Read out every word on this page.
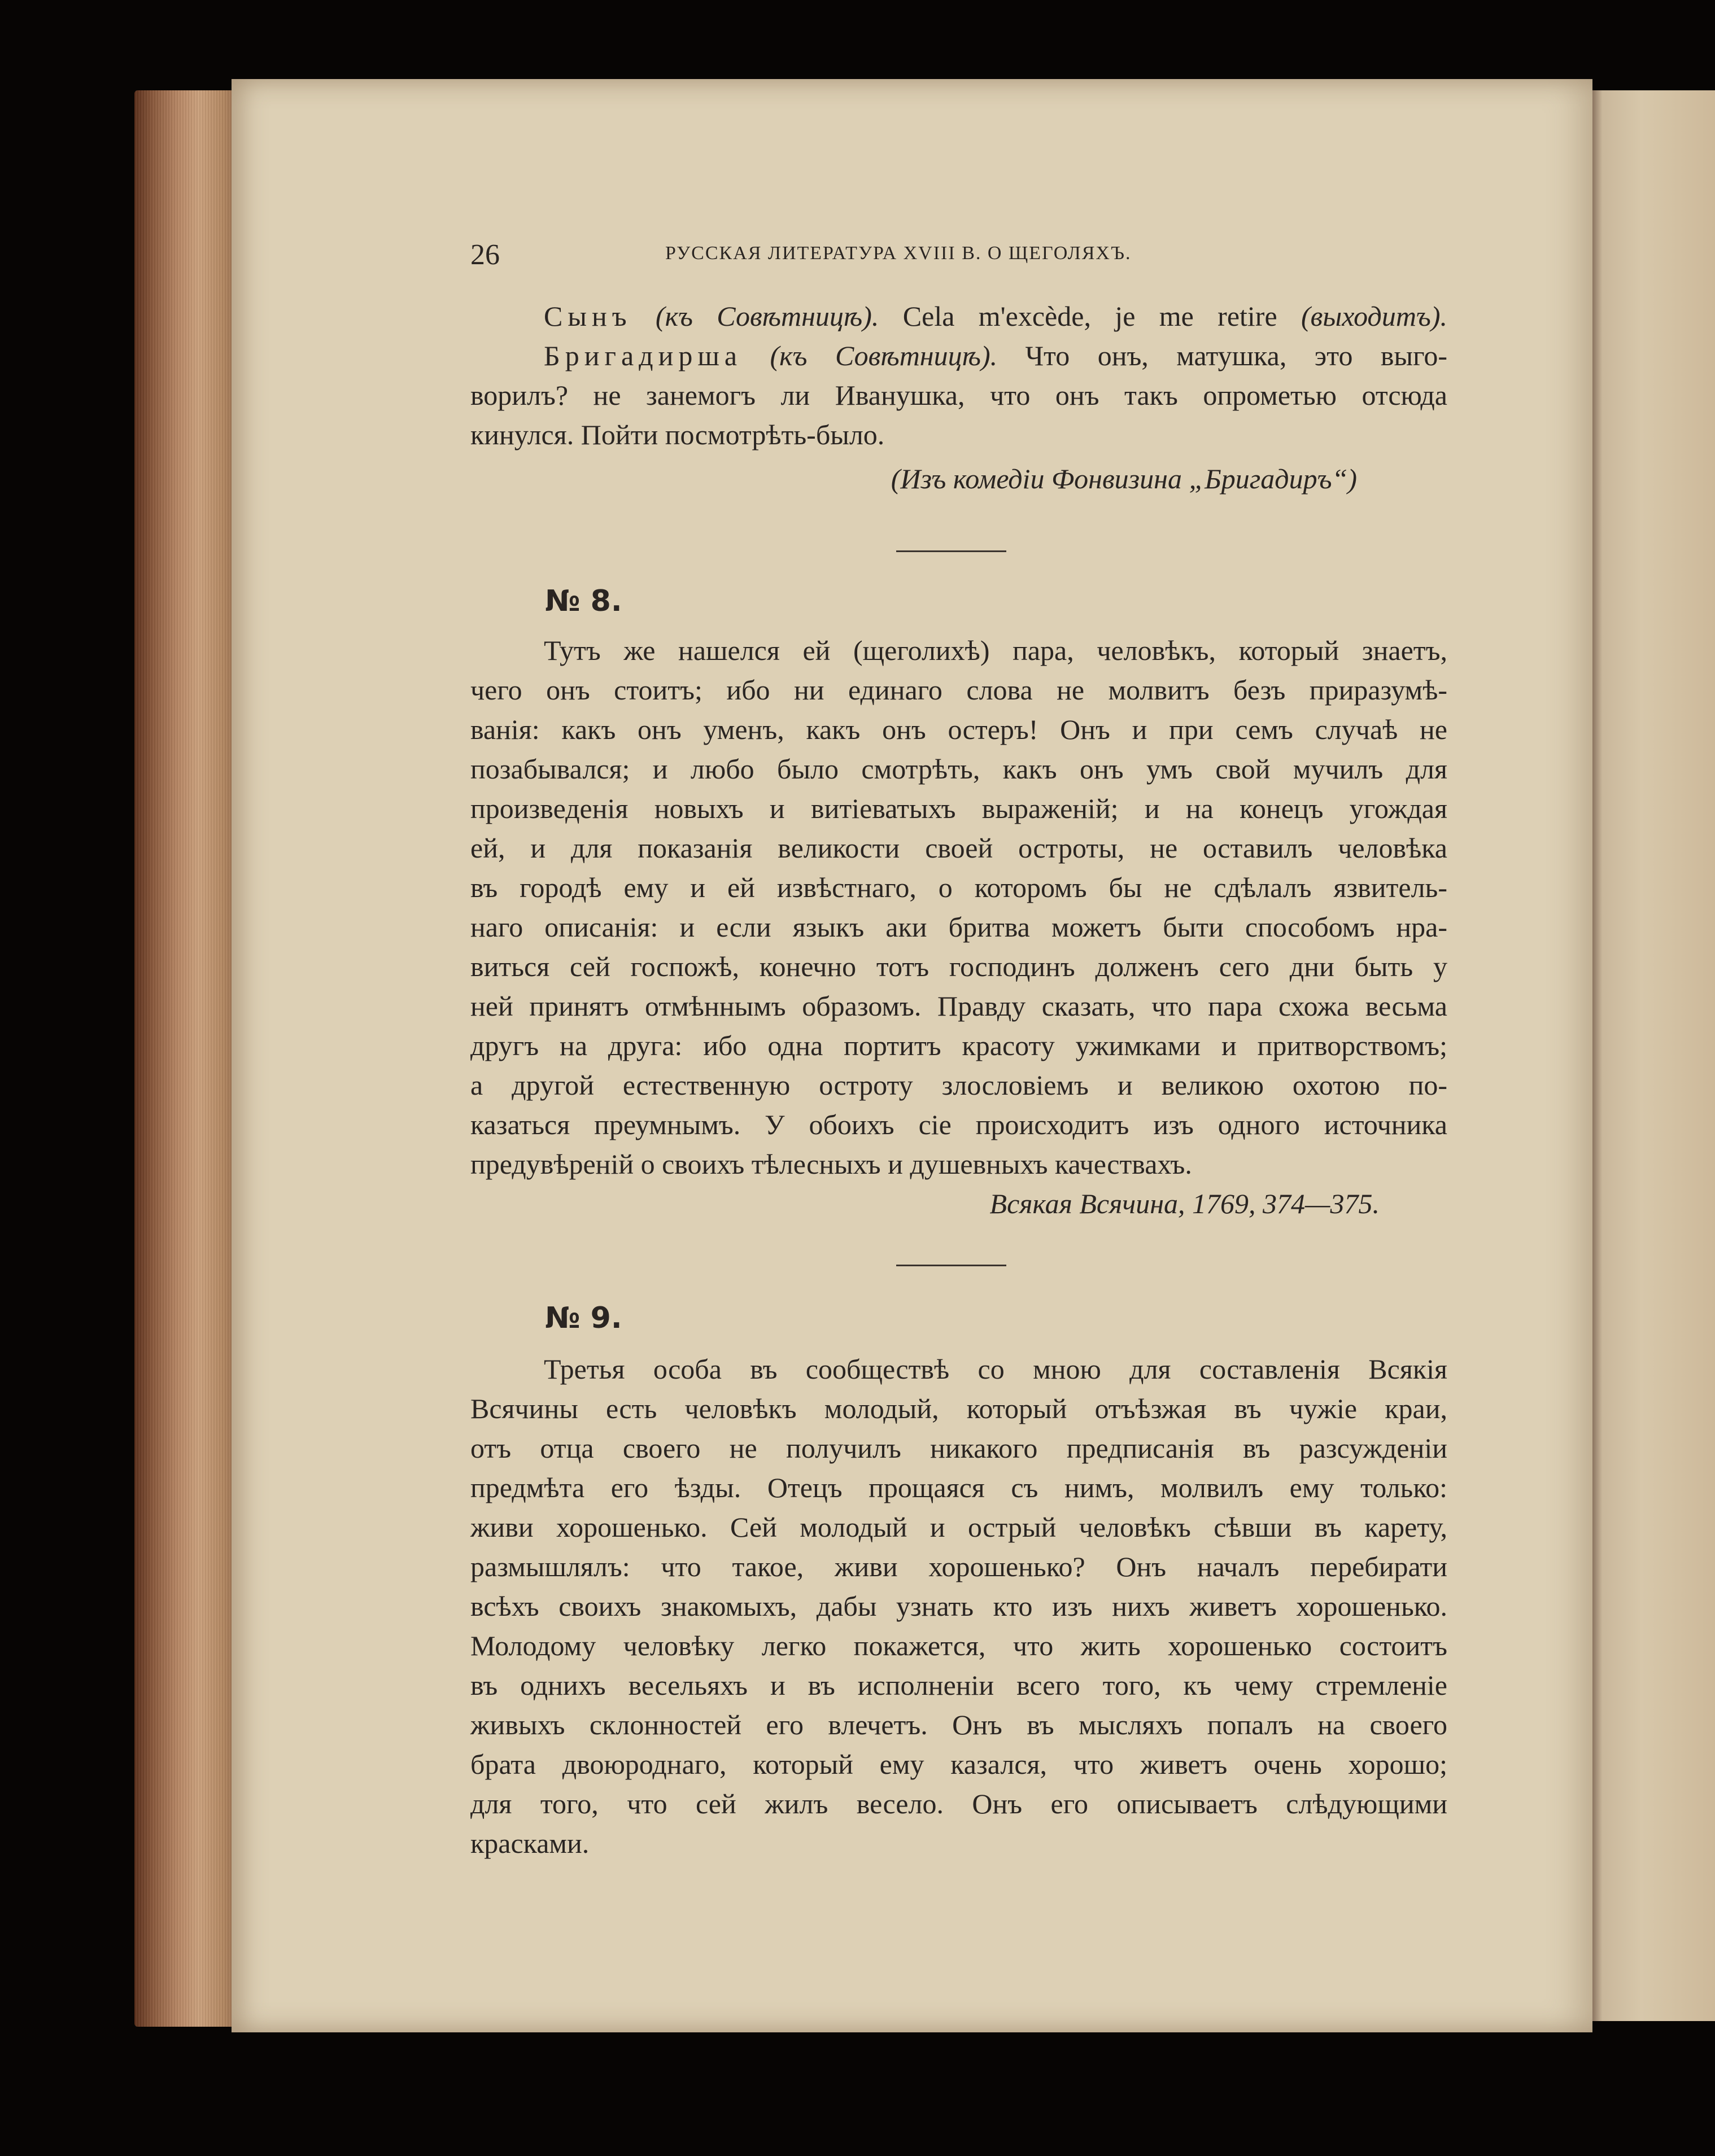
26	РУССКАЯ ЛИТЕРАТУРА XVIII В. О ЩЕГОЛЯХЪ.
Сынъ (къ Совѣтницѣ). Cela m'excède, je me retire (выходитъ).
Бригадирша (къ Совѣтницѣ). Что онъ, матушка, это выго-
ворилъ? не занемогъ ли Иванушка, что онъ такъ опрометью отсюда
кинулся. Пойти посмотрѣть-было.
(Изъ комедіи Фонвизина „Бригадиръ“)
№ 8.
Тутъ же нашелся ей (щеголихѣ) пара, человѣкъ, который знаетъ,
чего онъ стоитъ; ибо ни единаго слова не молвитъ безъ приразумѣ-
ванія: какъ онъ уменъ, какъ онъ остеръ! Онъ и при семъ случаѣ не
позабывался; и любо было смотрѣть, какъ онъ умъ свой мучилъ для
произведенія новыхъ и витіеватыхъ выраженій; и на конецъ угождая
ей, и для показанія великости своей остроты, не оставилъ человѣка
въ городѣ ему и ей извѣстнаго, о которомъ бы не сдѣлалъ язвитель-
наго описанія: и если языкъ аки бритва можетъ быти способомъ нра-
виться сей госпожѣ, конечно тотъ господинъ долженъ сего дни быть у
ней принятъ отмѣннымъ образомъ. Правду сказать, что пара схожа весьма
другъ на друга: ибо одна портитъ красоту ужимками и притворствомъ;
а другой естественную остроту злословіемъ и великою охотою по-
казаться преумнымъ. У обоихъ сіе происходитъ изъ одного источника
предувѣреній о своихъ тѣлесныхъ и душевныхъ качествахъ.
Всякая Всячина, 1769, 374—375.
№ 9.
Третья особа въ сообществѣ со мною для составленія Всякія
Всячины есть человѣкъ молодый, который отъѣзжая въ чужіе краи,
отъ отца своего не получилъ никакого предписанія въ разсужденіи
предмѣта его ѣзды. Отецъ прощаяся съ нимъ, молвилъ ему только:
живи хорошенько. Сей молодый и острый человѣкъ сѣвши въ карету,
размышлялъ: что такое, живи хорошенько? Онъ началъ перебирати
всѣхъ своихъ знакомыхъ, дабы узнать кто изъ нихъ живетъ хорошенько.
Молодому человѣку легко покажется, что жить хорошенько состоитъ
въ однихъ весельяхъ и въ исполненіи всего того, къ чему стремленіе
живыхъ склонностей его влечетъ. Онъ въ мысляхъ попалъ на своего
брата двоюроднаго, который ему казался, что живетъ очень хорошо;
для того, что сей жилъ весело. Онъ его описываетъ слѣдующими
красками.
